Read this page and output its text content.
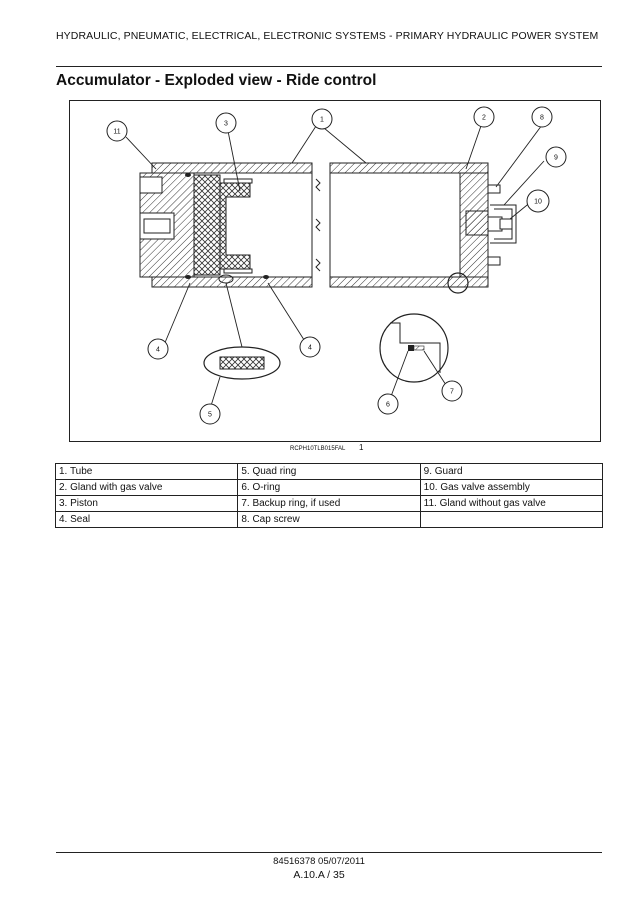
HYDRAULIC, PNEUMATIC, ELECTRICAL, ELECTRONIC SYSTEMS - PRIMARY HYDRAULIC POWER SYSTEM
Accumulator - Exploded view - Ride control
11
3
1	2	8
9
10
4	4
5
6
7
RCPH10TLB015FAL 1
1. Tube	5. Quad ring	9. Guard
2. Gland with gas valve	6. O-ring	10. Gas valve assembly
3. Piston	7. Backup ring, if used	11. Gland without gas valve
4. Seal	8. Cap screw	
84516378 05/07/2011
A.10.A / 35
